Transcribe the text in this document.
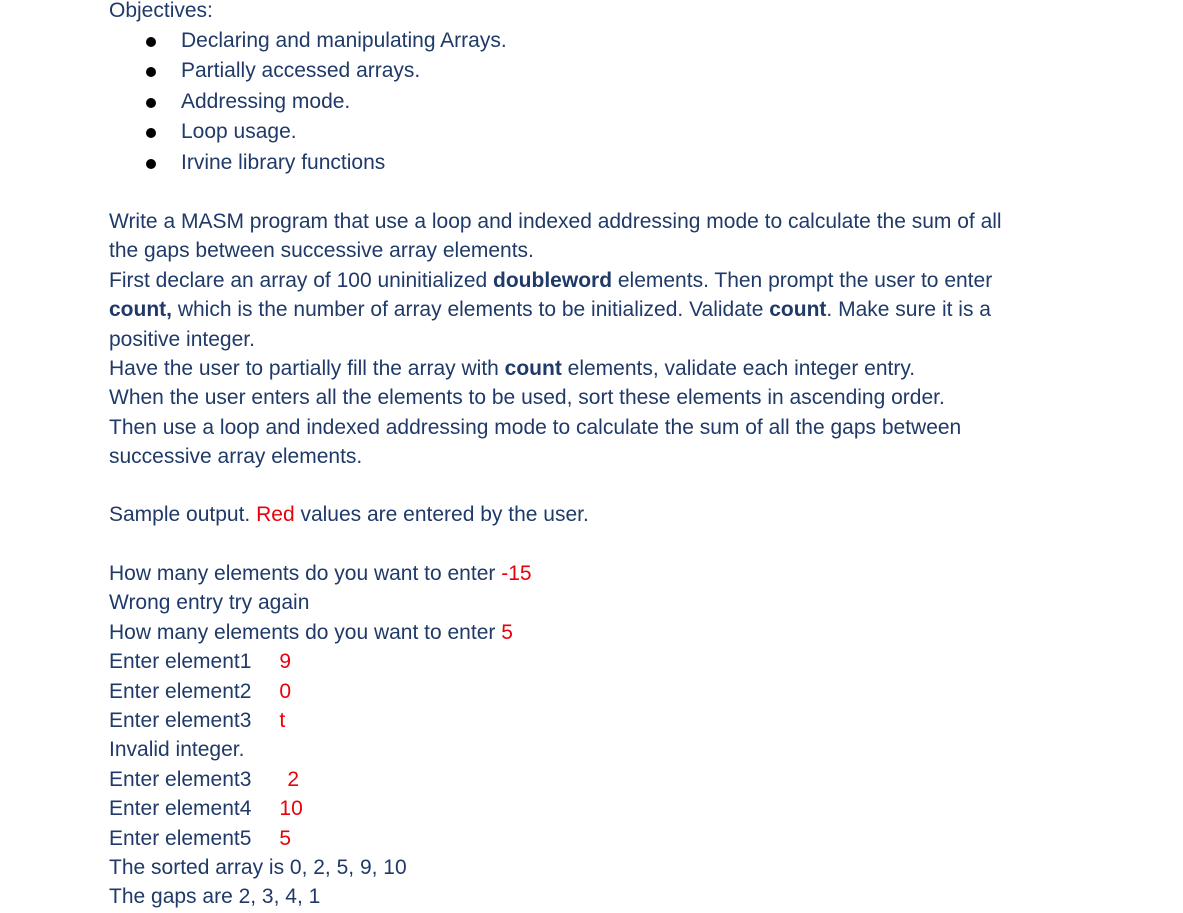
Objectives:
Declaring and manipulating Arrays.
Partially accessed arrays.
Addressing mode.
Loop usage.
Irvine library functions
Write a MASM program that use a loop and indexed addressing mode to calculate the sum of all
the gaps between successive array elements.
First declare an array of 100 uninitialized doubleword elements. Then prompt the user to enter
count, which is the number of array elements to be initialized. Validate count. Make sure it is a
positive integer.
Have the user to partially fill the array with count elements, validate each integer entry.
When the user enters all the elements to be used, sort these elements in ascending order.
Then use a loop and indexed addressing mode to calculate the sum of all the gaps between
successive array elements.
Sample output. Red values are entered by the user.
How many elements do you want to enter -15
Wrong entry try again
How many elements do you want to enter 5
Enter element1 9
Enter element2 0
Enter element3 t
Invalid integer.
Enter element3 2
Enter element4 10
Enter element5 5
The sorted array is 0, 2, 5, 9, 10
The gaps are 2, 3, 4, 1
